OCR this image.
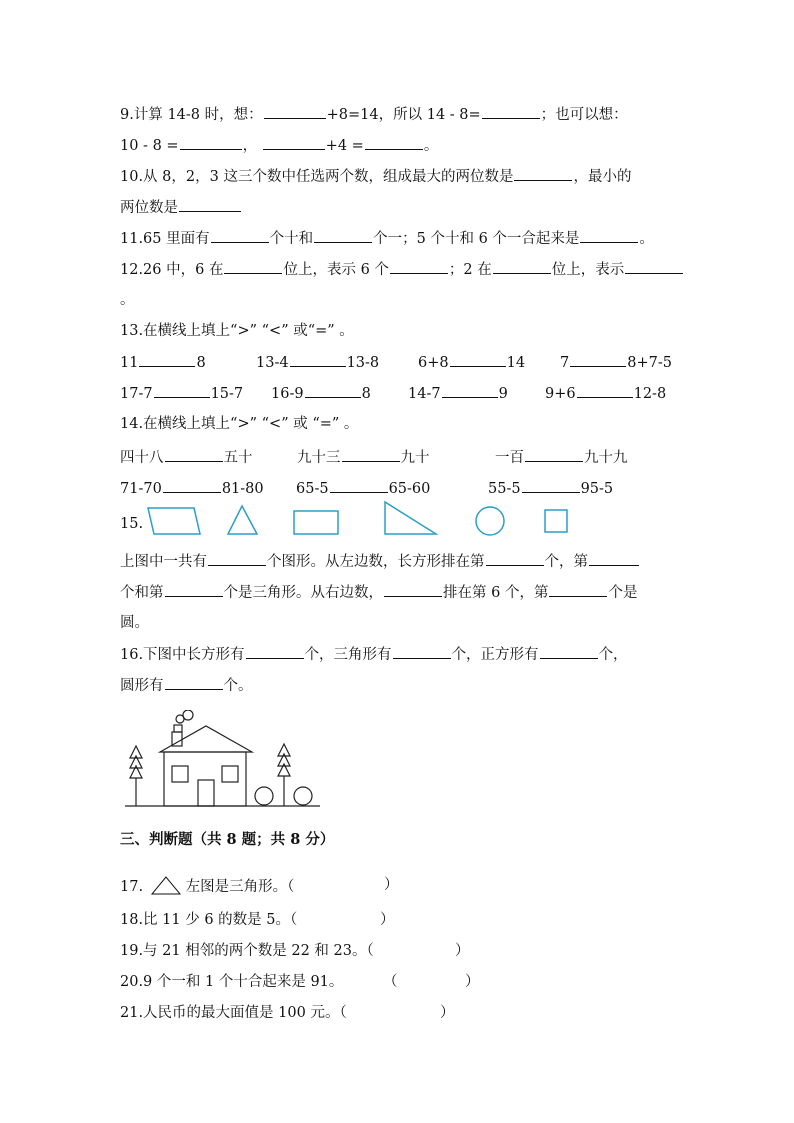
9.计算 14-8 时，想：	+8=14，所以 14 - 8=	；也可以想：
10 - 8 =	，	+4 =	。
10.从 8，2，3 这三个数中任选两个数，组成最大的两位数是	，最小的
两位数是
11.65 里面有	个十和	个一；5 个十和 6 个一合起来是	。
12.26 中，6 在	位上，表示 6 个	；2 在	位上，表示
。
13.在横线上填上“>” “<” 或“=” 。
11	8	13-4	13-8	6+8	14 7	8+7-5
17-7	15-7 16-9	8	14-7	9	9+6	12-8
14.在横线上填上“>” “<” 或 “=” 。
四十八	五十	九十三	九十	一百	九十九
71-70	81-80 65-5	65-60	55-5	95-5
15.
上图中一共有	个图形。从左边数，长方形排在第	个，第
个和第	个是三角形。从右边数，	排在第 6 个，第	个是
圆。
16.下图中长方形有	个，三角形有	个，正方形有	个，
圆形有	个。
三、判断题（共 8 题；共 8 分）
17.	左图是三角形。（	）
18.比 11 少 6 的数是 5。（	）
19.与 21 相邻的两个数是 22 和 23。（	）
20.9 个一和 1 个十合起来是 91。	（	）
21.人民币的最大面值是 100 元。（	）
